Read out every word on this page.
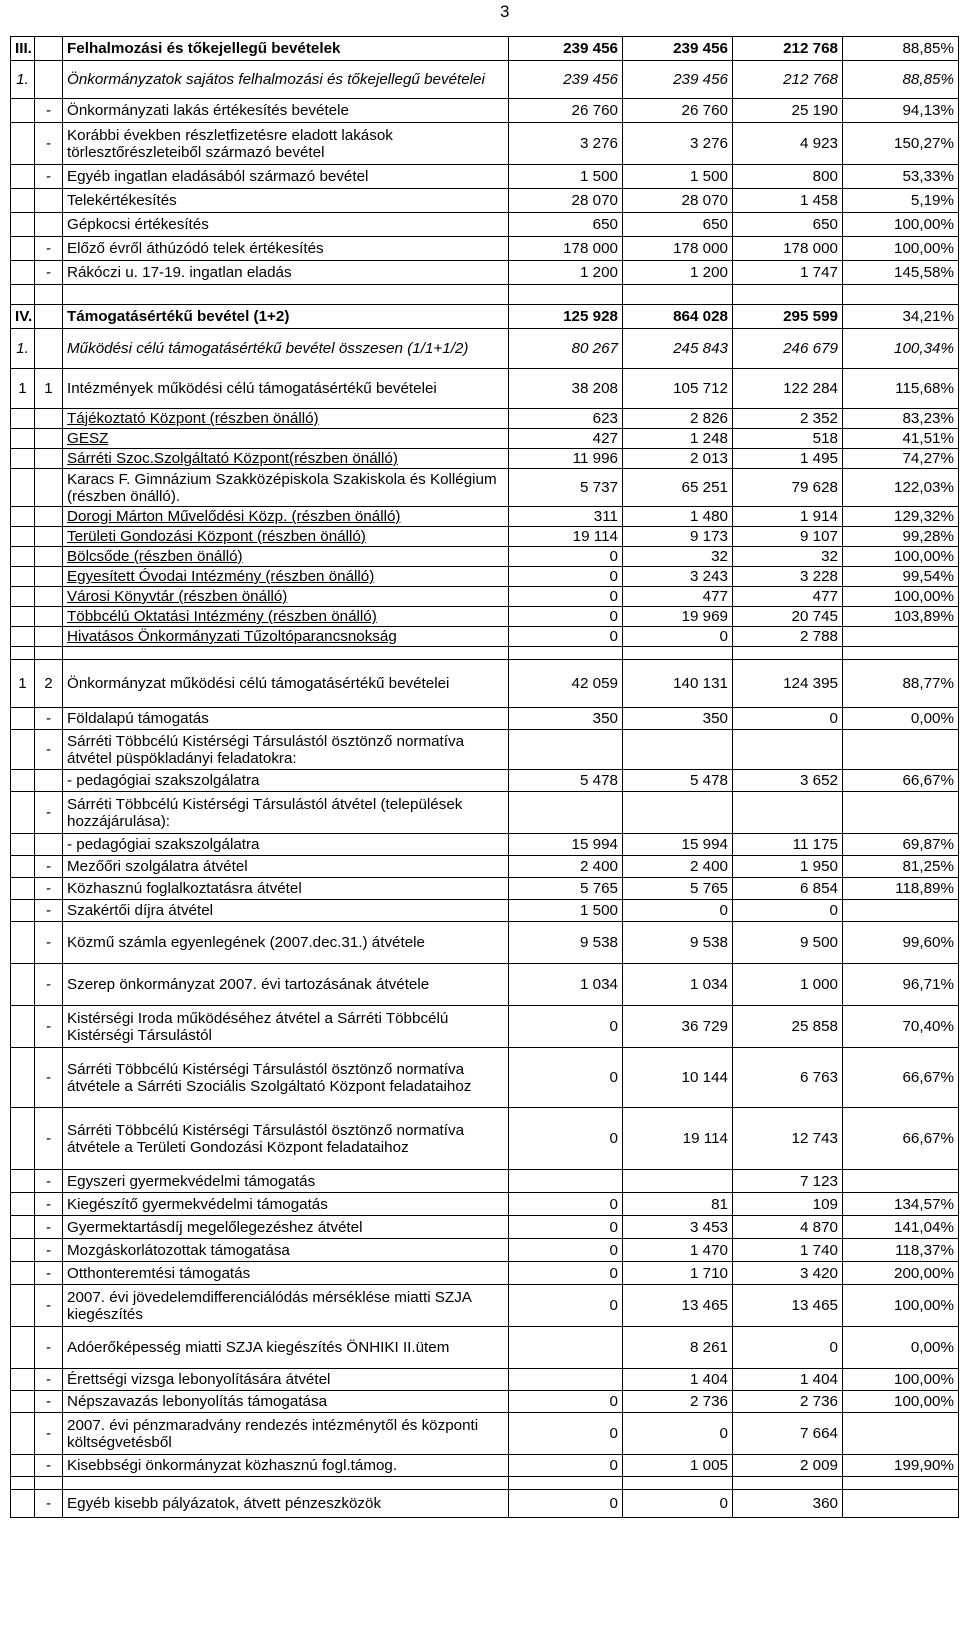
3
III.		Felhalmozási és tőkejellegű bevételek	239 456	239 456	212 768	88,85%
1.		Önkormányzatok sajátos felhalmozási és tőkejellegű bevételei	239 456	239 456	212 768	88,85%
	-	Önkormányzati lakás értékesítés bevétele	26 760	26 760	25 190	94,13%
	-	Korábbi években részletfizetésre eladott lakások törlesztőrészleteiből származó bevétel	3 276	3 276	4 923	150,27%
	-	Egyéb ingatlan eladásából származó bevétel	1 500	1 500	800	53,33%
		Telekértékesítés	28 070	28 070	1 458	5,19%
		Gépkocsi értékesítés	650	650	650	100,00%
	-	Előző évről áthúzódó telek értékesítés	178 000	178 000	178 000	100,00%
	-	Rákóczi u. 17-19. ingatlan eladás	1 200	1 200	1 747	145,58%

IV.		Támogatásértékű bevétel (1+2)	125 928	864 028	295 599	34,21%
1.		Működési célú támogatásértékű bevétel összesen (1/1+1/2)	80 267	245 843	246 679	100,34%
1	1	Intézmények működési célú támogatásértékű bevételei	38 208	105 712	122 284	115,68%
		Tájékoztató Központ (részben önálló)	623	2 826	2 352	83,23%
		GESZ	427	1 248	518	41,51%
		Sárréti Szoc.Szolgáltató Központ(részben önálló)	11 996	2 013	1 495	74,27%
		Karacs F. Gimnázium Szakközépiskola Szakiskola és Kollégium (részben önálló).	5 737	65 251	79 628	122,03%
		Dorogi Márton Művelődési Közp. (részben önálló)	311	1 480	1 914	129,32%
		Területi Gondozási Központ (részben önálló)	19 114	9 173	9 107	99,28%
		Bölcsőde (részben önálló)	0	32	32	100,00%
		Egyesített Óvodai Intézmény (részben önálló)	0	3 243	3 228	99,54%
		Városi Könyvtár (részben önálló)	0	477	477	100,00%
		Többcélú Oktatási Intézmény (részben önálló)	0	19 969	20 745	103,89%
		Hivatásos Önkormányzati Tűzoltóparancsnokság	0	0	2 788	

1	2	Önkormányzat működési célú támogatásértékű bevételei	42 059	140 131	124 395	88,77%
	-	Földalapú támogatás	350	350	0	0,00%
	-	Sárréti Többcélú Kistérségi Társulástól ösztönző normatíva átvétel püspökladányi feladatokra:				
		- pedagógiai szakszolgálatra	5 478	5 478	3 652	66,67%
	-	Sárréti Többcélú Kistérségi Társulástól átvétel (települések hozzájárulása):				
		- pedagógiai szakszolgálatra	15 994	15 994	11 175	69,87%
	-	Mezőőri szolgálatra átvétel	2 400	2 400	1 950	81,25%
	-	Közhasznú foglalkoztatásra átvétel	5 765	5 765	6 854	118,89%
	-	Szakértői díjra átvétel	1 500	0	0	
	-	Közmű számla egyenlegének (2007.dec.31.) átvétele	9 538	9 538	9 500	99,60%
	-	Szerep önkormányzat 2007. évi tartozásának átvétele	1 034	1 034	1 000	96,71%
	-	Kistérségi Iroda működéséhez átvétel a Sárréti Többcélú Kistérségi Társulástól	0	36 729	25 858	70,40%
	-	Sárréti Többcélú Kistérségi Társulástól ösztönző normatíva átvétele a Sárréti Szociális Szolgáltató Központ feladataihoz	0	10 144	6 763	66,67%
	-	Sárréti Többcélú Kistérségi Társulástól ösztönző normatíva átvétele a Területi Gondozási Központ feladataihoz	0	19 114	12 743	66,67%
	-	Egyszeri gyermekvédelmi támogatás			7 123	
	-	Kiegészítő gyermekvédelmi támogatás	0	81	109	134,57%
	-	Gyermektartásdíj megelőlegezéshez átvétel	0	3 453	4 870	141,04%
	-	Mozgáskorlátozottak támogatása	0	1 470	1 740	118,37%
	-	Otthonteremtési támogatás	0	1 710	3 420	200,00%
	-	2007. évi jövedelemdifferenciálódás mérséklése miatti SZJA kiegészítés	0	13 465	13 465	100,00%
	-	Adóerőképesség miatti SZJA kiegészítés ÖNHIKI II.ütem		8 261	0	0,00%
	-	Érettségi vizsga lebonyolítására átvétel		1 404	1 404	100,00%
	-	Népszavazás lebonyolítás támogatása	0	2 736	2 736	100,00%
	-	2007. évi pénzmaradvány rendezés intézménytől és központi költségvetésből	0	0	7 664	
	-	Kisebbségi önkormányzat közhasznú fogl.támog.	0	1 005	2 009	199,90%

	-	Egyéb kisebb pályázatok, átvett pénzeszközök	0	0	360	
